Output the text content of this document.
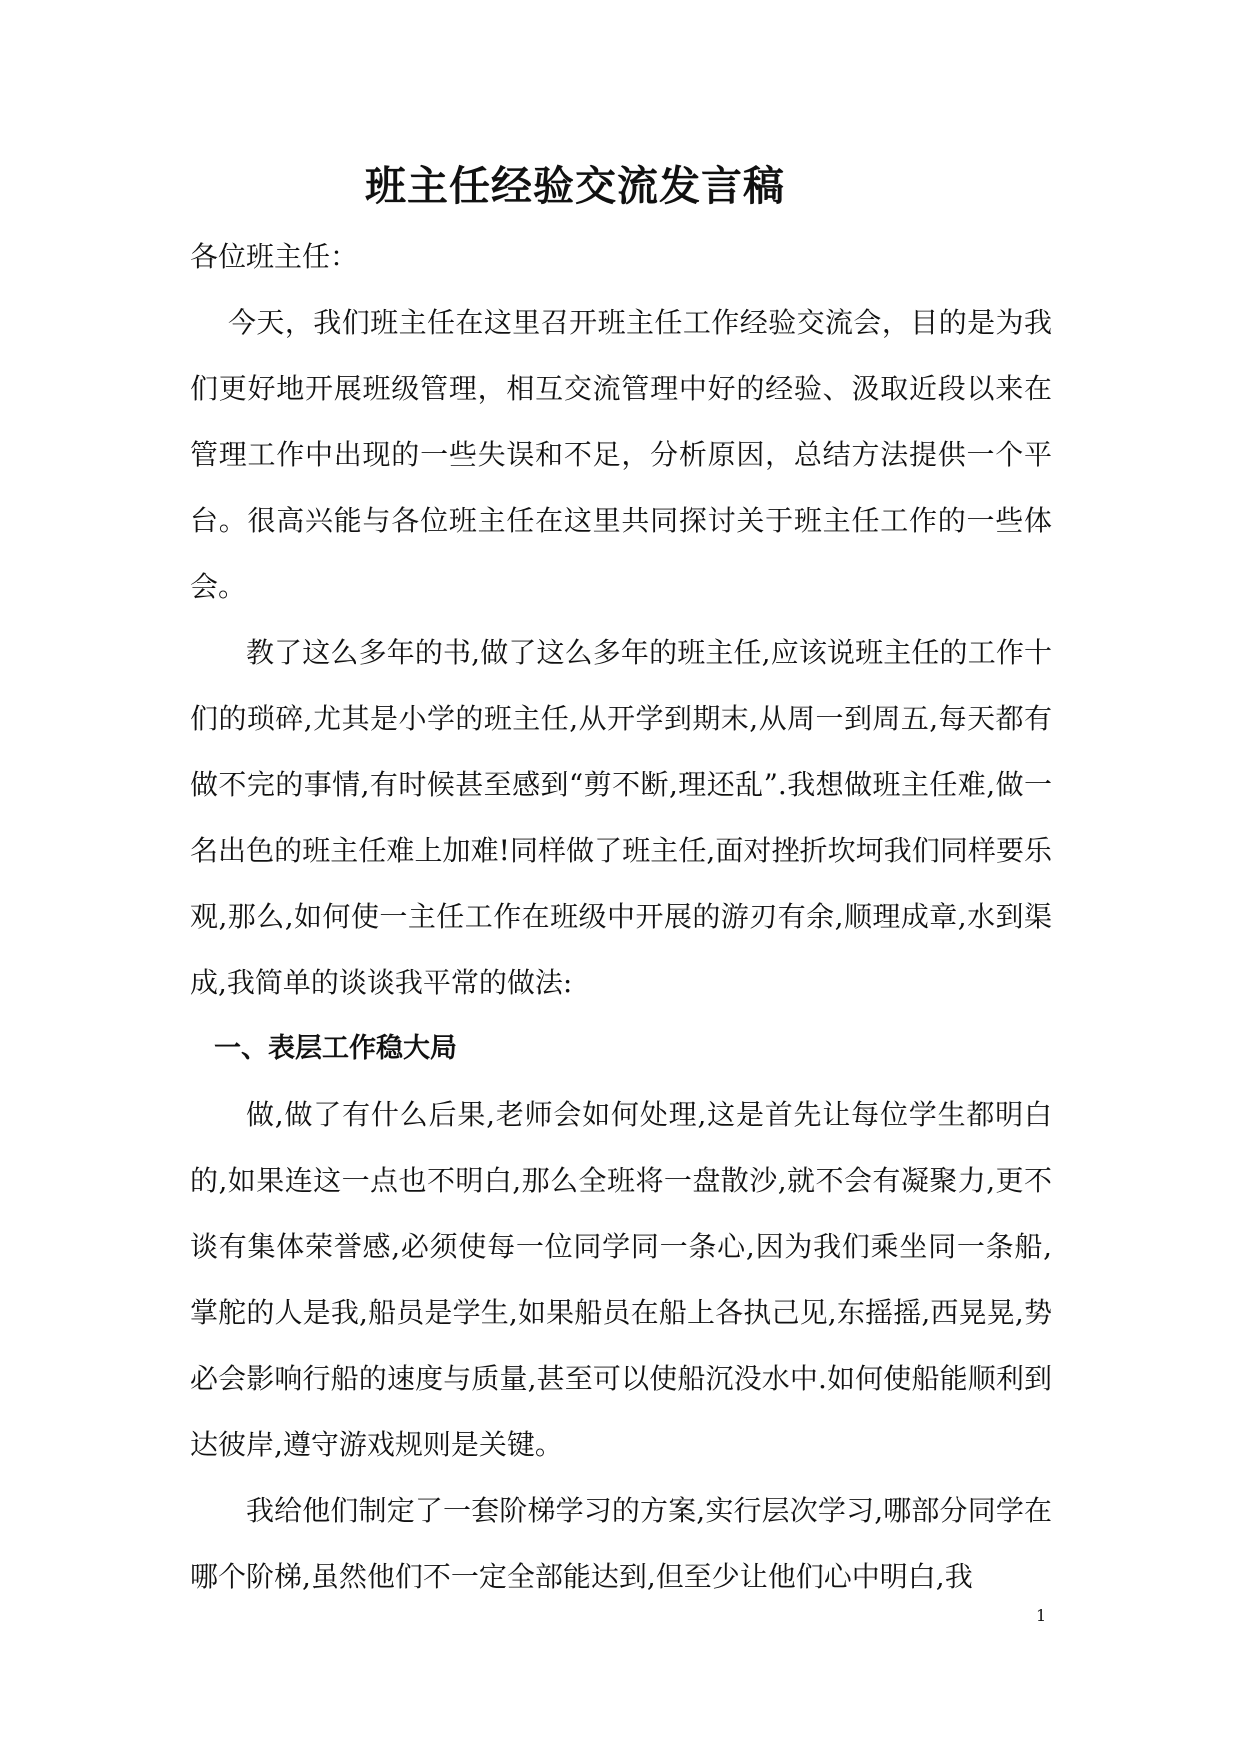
班主任经验交流发言稿

各位班主任：

今天，我们班主任在这里召开班主任工作经验交流会，目的是为我们更好地开展班级管理，相互交流管理中好的经验、汲取近段以来在管理工作中出现的一些失误和不足，分析原因，总结方法提供一个平台。很高兴能与各位班主任在这里共同探讨关于班主任工作的一些体会。

教了这么多年的书,做了这么多年的班主任,应该说班主任的工作十们的琐碎,尤其是小学的班主任,从开学到期末,从周一到周五,每天都有做不完的事情,有时候甚至感到“剪不断,理还乱”.我想做班主任难,做一名出色的班主任难上加难!同样做了班主任,面对挫折坎坷我们同样要乐观,那么,如何使一主任工作在班级中开展的游刃有余,顺理成章,水到渠成,我简单的谈谈我平常的做法:

一、表层工作稳大局

做,做了有什么后果,老师会如何处理,这是首先让每位学生都明白的,如果连这一点也不明白,那么全班将一盘散沙,就不会有凝聚力,更不谈有集体荣誉感,必须使每一位同学同一条心,因为我们乘坐同一条船,掌舵的人是我,船员是学生,如果船员在船上各执己见,东摇摇,西晃晃,势必会影响行船的速度与质量,甚至可以使船沉没水中.如何使船能顺利到达彼岸,遵守游戏规则是关键。

我给他们制定了一套阶梯学习的方案,实行层次学习,哪部分同学在哪个阶梯,虽然他们不一定全部能达到,但至少让他们心中明白,我

1
